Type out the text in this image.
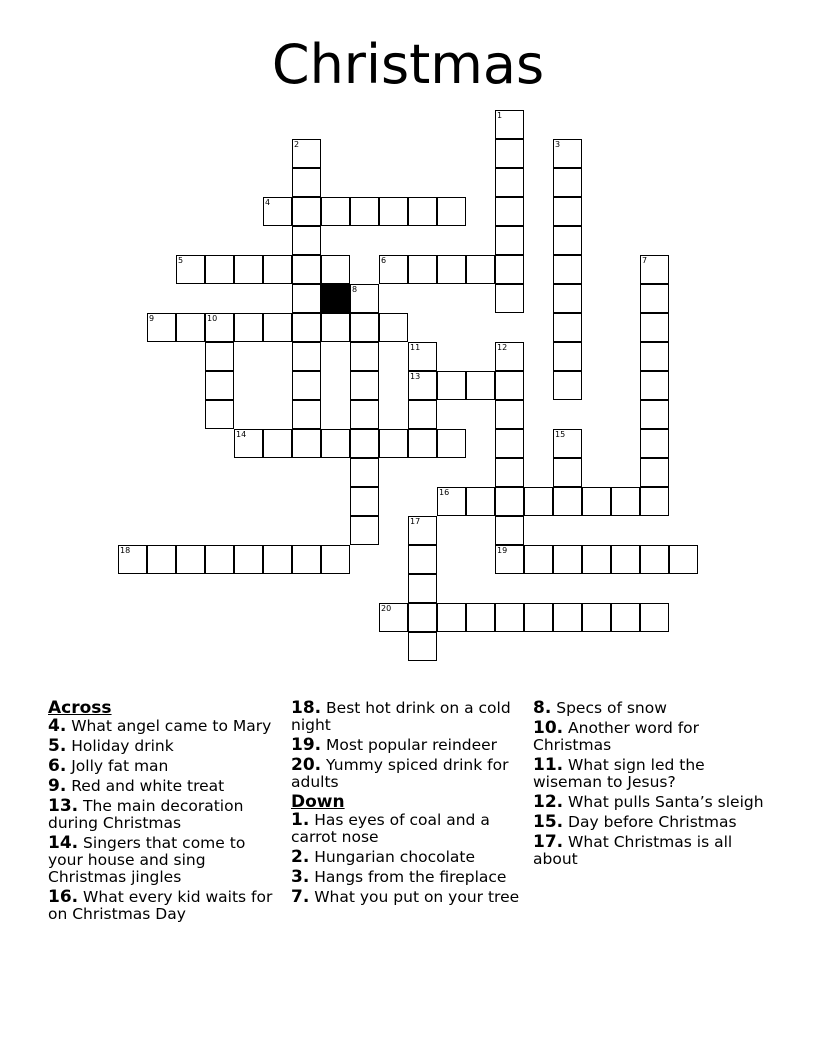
Christmas
4
5	6
9	10
13
14
16
18	19
20
1
2	3
7
8
11	12
15
17
Across
4. What angel came to Mary
5. Holiday drink
6. Jolly fat man
9. Red and white treat
13. The main decoration during Christmas
14. Singers that come to your house and sing Christmas jingles
16. What every kid waits for on Christmas Day
18. Best hot drink on a cold night
19. Most popular reindeer
20. Yummy spiced drink for adults
Down
1. Has eyes of coal and a carrot nose
2. Hungarian chocolate
3. Hangs from the fireplace
7. What you put on your tree
8. Specs of snow
10. Another word for Christmas
11. What sign led the wiseman to Jesus?
12. What pulls Santa’s sleigh
15. Day before Christmas
17. What Christmas is all about
